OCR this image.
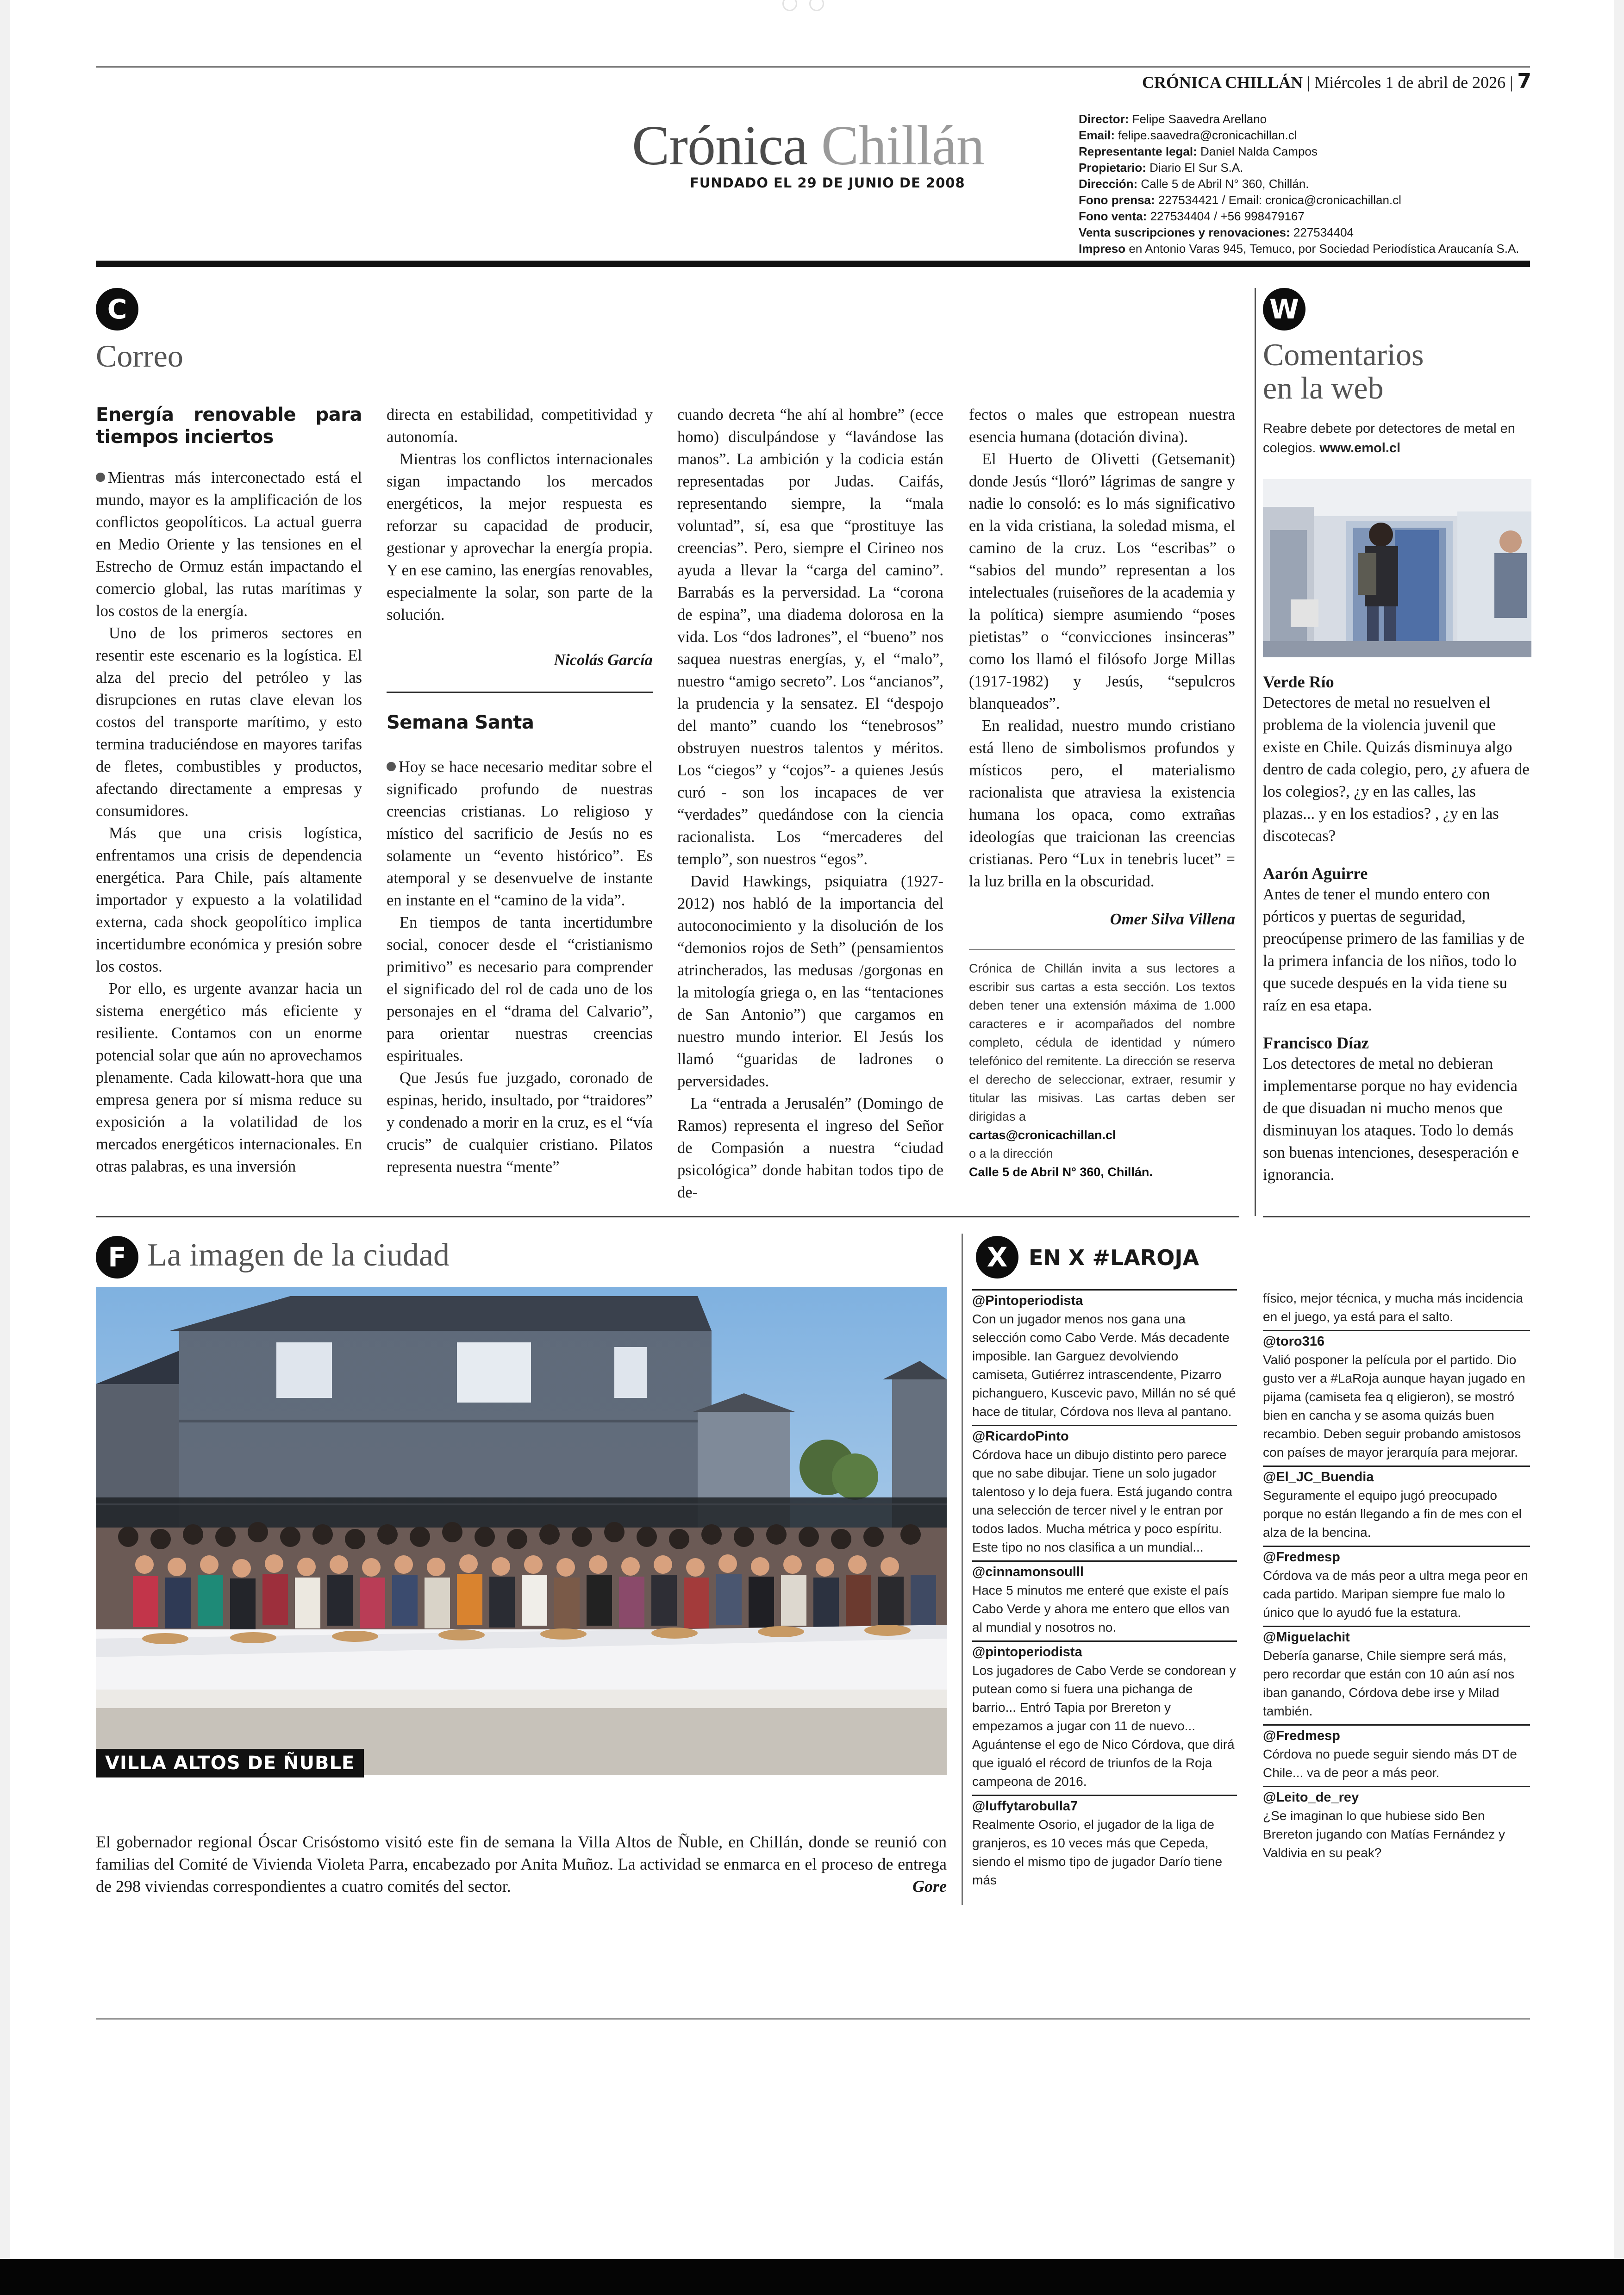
CRÓNICA CHILLÁN | Miércoles 1 de abril de 2026 | 7
Crónica Chillán
FUNDADO EL 29 DE JUNIO DE 2008
Director: Felipe Saavedra Arellano
Email: felipe.saavedra@cronicachillan.cl
Representante legal: Daniel Nalda Campos
Propietario: Diario El Sur S.A.
Dirección: Calle 5 de Abril N° 360, Chillán.
Fono prensa: 227534421 / Email: cronica@cronicachillan.cl
Fono venta: 227534404 / +56 998479167
Venta suscripciones y renovaciones: 227534404
Impreso en Antonio Varas 945, Temuco, por Sociedad Periodística Araucanía S.A.
C
Correo
Energía renovable para tiempos inciertos

Mientras más interconectado está el mundo, mayor es la amplificación de los conflictos geopolíticos. La actual guerra en Medio Oriente y las tensiones en el Estrecho de Ormuz están impactando el comercio global, las rutas marítimas y los costos de la energía.

Uno de los primeros sectores en resentir este escenario es la logística. El alza del precio del petróleo y las disrupciones en rutas clave elevan los costos del transporte marítimo, y esto termina traduciéndose en mayores tarifas de fletes, combustibles y productos, afectando directamente a empresas y consumidores.

Más que una crisis logística, enfrentamos una crisis de dependencia energética. Para Chile, país altamente importador y expuesto a la volatilidad externa, cada shock geopolítico implica incertidumbre económica y presión sobre los costos.

Por ello, es urgente avanzar hacia un sistema energético más eficiente y resiliente. Contamos con un enorme potencial solar que aún no aprovechamos plenamente. Cada kilowatt-hora que una empresa genera por sí misma reduce su exposición a la volatilidad de los mercados energéticos internacionales. En otras palabras, es una inversión

directa en estabilidad, competitividad y autonomía.

Mientras los conflictos internacionales sigan impactando los mercados energéticos, la mejor respuesta es reforzar su capacidad de producir, gestionar y aprovechar la energía propia. Y en ese camino, las energías renovables, especialmente la solar, son parte de la solución.

Nicolás García
Semana Santa

Hoy se hace necesario meditar sobre el significado profundo de nuestras creencias cristianas. Lo religioso y místico del sacrificio de Jesús no es solamente un “evento histórico”. Es atemporal y se desenvuelve de instante en instante en el “camino de la vida”.

En tiempos de tanta incertidumbre social, conocer desde el “cristianismo primitivo” es necesario para comprender el significado del rol de cada uno de los personajes en el “drama del Calvario”, para orientar nuestras creencias espirituales.

Que Jesús fue juzgado, coronado de espinas, herido, insultado, por “traidores” y condenado a morir en la cruz, es el “vía crucis” de cualquier cristiano. Pilatos representa nuestra “mente”

cuando decreta “he ahí al hombre” (ecce homo) disculpándose y “lavándose las manos”. La ambición y la codicia están representadas por Judas. Caifás, representando siempre, la “mala voluntad”, sí, esa que “prostituye las creencias”. Pero, siempre el Cirineo nos ayuda a llevar la “carga del camino”. Barrabás es la perversidad. La “corona de espina”, una diadema dolorosa en la vida. Los “dos ladrones”, el “bueno” nos saquea nuestras energías, y, el “malo”, nuestro “amigo secreto”. Los “ancianos”, la prudencia y la sensatez. El “despojo del manto” cuando los “tenebrosos” obstruyen nuestros talentos y méritos. Los “ciegos” y “cojos”- a quienes Jesús curó - son los incapaces de ver “verdades” quedándose con la ciencia racionalista. Los “mercaderes del templo”, son nuestros “egos”.

David Hawkings, psiquiatra (1927-2012) nos habló de la importancia del autoconocimiento y la disolución de los “demonios rojos de Seth” (pensamientos atrincherados, las medusas /gorgonas en la mitología griega o, en las “tentaciones de San Antonio”) que cargamos en nuestro mundo interior. El Jesús los llamó “guaridas de ladrones o perversidades.

La “entrada a Jerusalén” (Domingo de Ramos) representa el ingreso del Señor de Compasión a nuestra “ciudad psicológica” donde habitan todos tipo de de-

fectos o males que estropean nuestra esencia humana (dotación divina).

El Huerto de Olivetti (Getsemanit) donde Jesús “lloró” lágrimas de sangre y nadie lo consoló: es lo más significativo en la vida cristiana, la soledad misma, el camino de la cruz. Los “escribas” o “sabios del mundo” representan a los intelectuales (ruiseñores de la academia y la política) siempre asumiendo “poses pietistas” o “convicciones insinceras” como los llamó el filósofo Jorge Millas (1917-1982) y Jesús, “sepulcros blanqueados”.

En realidad, nuestro mundo cristiano está lleno de simbolismos profundos y místicos pero, el materialismo racionalista que atraviesa la existencia humana los opaca, como extrañas ideologías que traicionan las creencias cristianas. Pero “Lux in tenebris lucet” = la luz brilla en la obscuridad.

Omer Silva Villena
Crónica de Chillán invita a sus lectores a escribir sus cartas a esta sección. Los textos deben tener una extensión máxima de 1.000 caracteres e ir acompañados del nombre completo, cédula de identidad y número telefónico del remitente. La dirección se reserva el derecho de seleccionar, extraer, resumir y titular las misivas. Las cartas deben ser dirigidas a
cartas@cronicachillan.cl
o a la dirección
Calle 5 de Abril N° 360, Chillán.
W
Comentarios
en la web
Reabre debete por detectores de metal en colegios. www.emol.cl
Verde Río
Detectores de metal no resuelven el problema de la violencia juvenil que existe en Chile. Quizás disminuya algo dentro de cada colegio, pero, ¿y afuera de los colegios?, ¿y en las calles, las plazas... y en los estadios? , ¿y en las discotecas?
Aarón Aguirre
Antes de tener el mundo entero con pórticos y puertas de seguridad, preocúpense primero de las familias y de la primera infancia de los niños, todo lo que sucede después en la vida tiene su raíz en esa etapa.
Francisco Díaz
Los detectores de metal no debieran implementarse porque no hay evidencia de que disuadan ni mucho menos que disminuyan los ataques. Todo lo demás son buenas intenciones, desesperación e ignorancia.
F La imagen de la ciudad
VILLA ALTOS DE ÑUBLE
El gobernador regional Óscar Crisóstomo visitó este fin de semana la Villa Altos de Ñuble, en Chillán, donde se reunió con familias del Comité de Vivienda Violeta Parra, encabezado por Anita Muñoz. La actividad se enmarca en el proceso de entrega de 298 viviendas correspondientes a cuatro comités del sector.	Gore
X EN X #LAROJA
@Pintoperiodista
Con un jugador menos nos gana una selección como Cabo Verde. Más decadente imposible. Ian Garguez devolviendo camiseta, Gutiérrez intrascendente, Pizarro pichanguero, Kuscevic pavo, Millán no sé qué hace de titular, Córdova nos lleva al pantano.
@RicardoPinto
Córdova hace un dibujo distinto pero parece que no sabe dibujar. Tiene un solo jugador talentoso y lo deja fuera. Está jugando contra una selección de tercer nivel y le entran por todos lados. Mucha métrica y poco espíritu. Este tipo no nos clasifica a un mundial...
@cinnamonsoulll
Hace 5 minutos me enteré que existe el país Cabo Verde y ahora me entero que ellos van al mundial y nosotros no.
@pintoperiodista
Los jugadores de Cabo Verde se condorean y putean como si fuera una pichanga de barrio... Entró Tapia por Brereton y empezamos a jugar con 11 de nuevo... Aguántense el ego de Nico Córdova, que dirá que igualó el récord de triunfos de la Roja campeona de 2016.
@luffytarobulla7
Realmente Osorio, el jugador de la liga de granjeros, es 10 veces más que Cepeda, siendo el mismo tipo de jugador Darío tiene más
físico, mejor técnica, y mucha más incidencia en el juego, ya está para el salto.
@toro316
Valió posponer la película por el partido. Dio gusto ver a #LaRoja aunque hayan jugado en pijama (camiseta fea q eligieron), se mostró bien en cancha y se asoma quizás buen recambio. Deben seguir probando amistosos con países de mayor jerarquía para mejorar.
@El_JC_Buendia
Seguramente el equipo jugó preocupado porque no están llegando a fin de mes con el alza de la bencina.
@Fredmesp
Córdova va de más peor a ultra mega peor en cada partido. Maripan siempre fue malo lo único que lo ayudó fue la estatura.
@Miguelachit
Debería ganarse, Chile siempre será más, pero recordar que están con 10 aún así nos iban ganando, Córdova debe irse y Milad también.
@Fredmesp
Córdova no puede seguir siendo más DT de Chile... va de peor a más peor.
@Leito_de_rey
¿Se imaginan lo que hubiese sido Ben Brereton jugando con Matías Fernández y Valdivia en su peak?
